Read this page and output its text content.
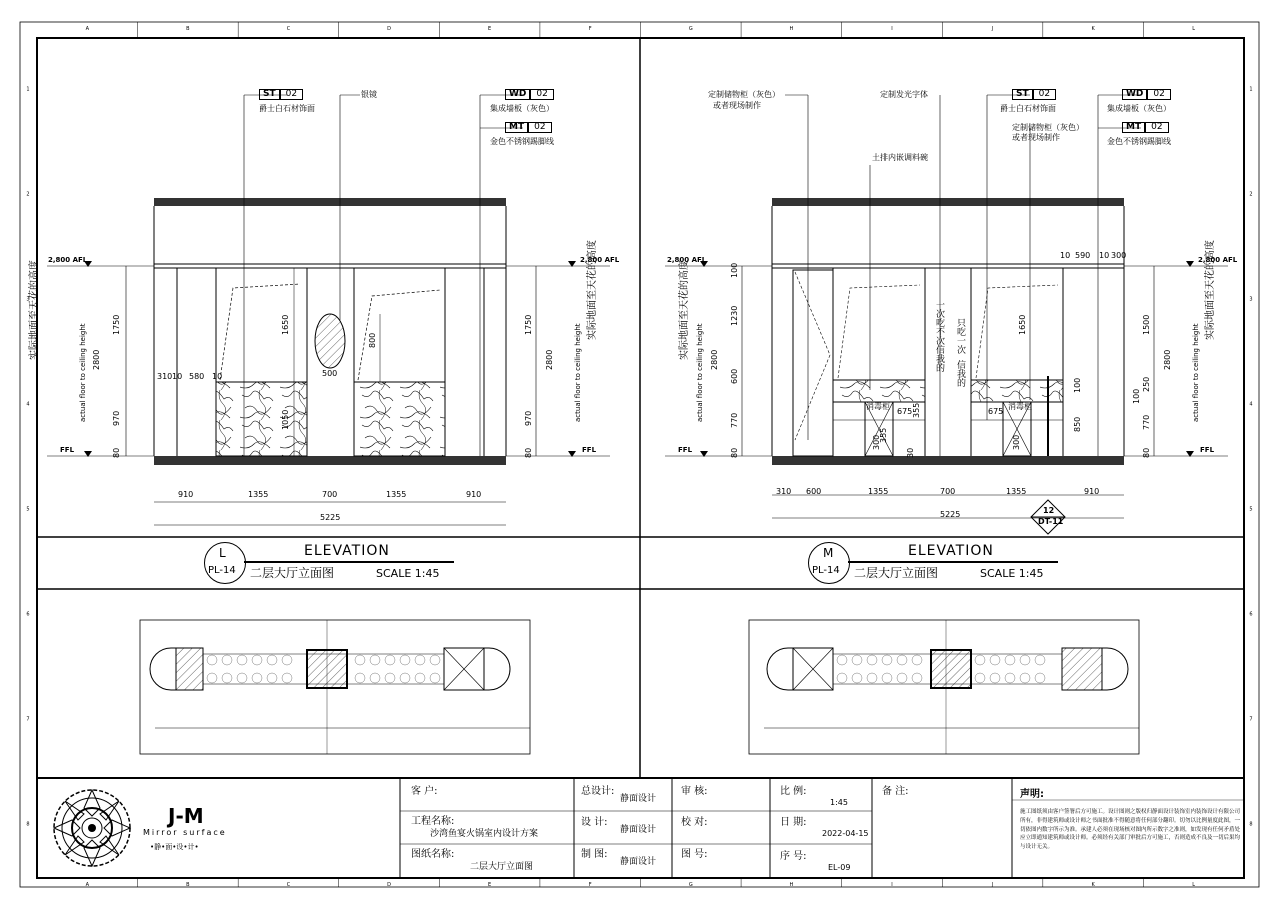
A
A
B
B
C
C
D
D
E
E
F
F
G
G
H
H
I
I
J
J
K
K
L
L
1	1
2	2
3	3
4	4
5	5
6	6
7	7
8	8
ST 02
爵士白石材饰面
银镜	WD 02
集成墙板（灰色）
MT 02
金色不锈钢踢脚线
2,800 AFL
FFL
2,800 AFL
FFL
实际地面至天花的高度
actual floor to ceiling height
实际地面至天花的高度
actual floor to ceiling height
1750
970
80
2800
1750
970
80
2800
1650
1050
800
500
310 10 580 10
910	1355	700	1355	910
5225
定制储物柜（灰色）
或者现场制作
定制发光字体
土排内嵌调料碗
定制储物柜（灰色）
或者现场制作
消毒柜	消毒柜
ST 02
爵士白石材饰面
WD 02
集成墙板（灰色）
MT 02
金色不锈钢踢脚线
一次吃不次 只吃一次
信我的
信我的
2,800 AFL
FFL
2,800 AFL
FFL
实际地面至天花的高度
actual floor to ceiling height
实际地面至天花的高度
actual floor to ceiling height
100
1230
600
770
80
2800
1500
250
100
770
80
2800
10 590 10 300
1650
675	675
355
300
355	300
30
850
100
310 600	1355	700	1355	910
5225	12
DT-11
L
PL-14
ELEVATION
二层大厅立面图	SCALE 1:45
M
PL-14
ELEVATION
二层大厅立面图	SCALE 1:45
J-M
Mirror surface
•静•面•设•计•
客 户:
工程名称:
沙湾鱼宴火锅室内设计方案
图纸名称:
二层大厅立面图
总设计:
静面设计
设 计:
静面设计
制 图:
静面设计
审 核:
校 对:
图 号:
比 例:
1:45
日 期:
2022-04-15
序 号:
EL-09
备 注:	声明:
施工图纸须由客户签署后方可施工。设计图则之版权归静面设计装饰室内装饰设计有限公司
所有，非得建筑师或设计师之书面批准不得随意将任何部分翻印。切勿以比例量度此图，一
切依图内数字所示为准。承建人必须在现场核对图内所示数字之准则，如发现有任何矛盾处
应立即通知建筑师或设计师。必须经有关部门审批后方可施工，否则造成不良及一切后果均
与设计无关。
